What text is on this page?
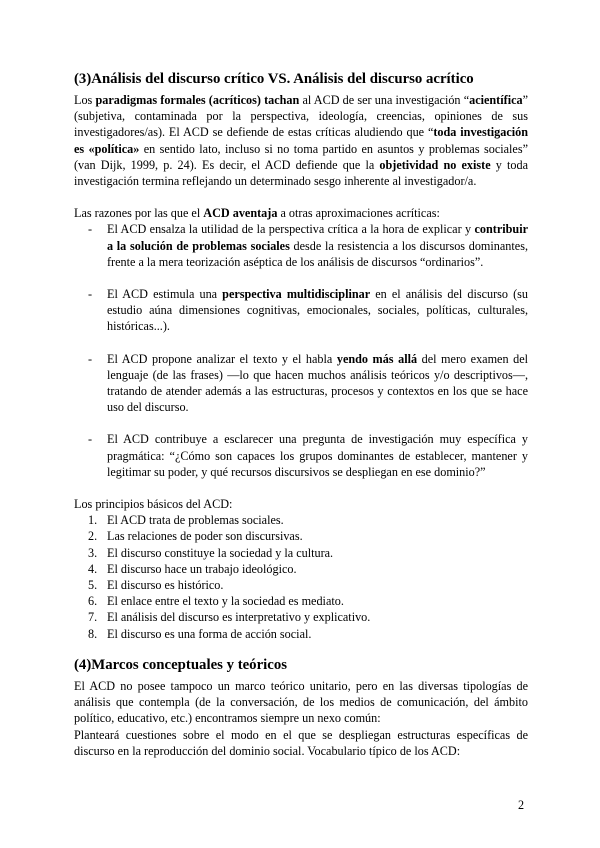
(3)Análisis del discurso crítico VS. Análisis del discurso acrítico

Los paradigmas formales (acríticos) tachan al ACD de ser una investigación “acientífica” (subjetiva, contaminada por la perspectiva, ideología, creencias, opiniones de sus investigadores/as). El ACD se defiende de estas críticas aludiendo que “toda investigación es «política» en sentido lato, incluso si no toma partido en asuntos y problemas sociales” (van Dijk, 1999, p. 24). Es decir, el ACD defiende que la objetividad no existe y toda investigación termina reflejando un determinado sesgo inherente al investigador/a.

Las razones por las que el ACD aventaja a otras aproximaciones acríticas:

- El ACD ensalza la utilidad de la perspectiva crítica a la hora de explicar y contribuir a la solución de problemas sociales desde la resistencia a los discursos dominantes, frente a la mera teorización aséptica de los análisis de discursos “ordinarios”.
- El ACD estimula una perspectiva multidisciplinar en el análisis del discurso (su estudio aúna dimensiones cognitivas, emocionales, sociales, políticas, culturales, históricas...).
- El ACD propone analizar el texto y el habla yendo más allá del mero examen del lenguaje (de las frases) —lo que hacen muchos análisis teóricos y/o descriptivos—, tratando de atender además a las estructuras, procesos y contextos en los que se hace uso del discurso.
- El ACD contribuye a esclarecer una pregunta de investigación muy específica y pragmática: “¿Cómo son capaces los grupos dominantes de establecer, mantener y legitimar su poder, y qué recursos discursivos se despliegan en ese dominio?”

Los principios básicos del ACD:

1. El ACD trata de problemas sociales.
2. Las relaciones de poder son discursivas.
3. El discurso constituye la sociedad y la cultura.
4. El discurso hace un trabajo ideológico.
5. El discurso es histórico.
6. El enlace entre el texto y la sociedad es mediato.
7. El análisis del discurso es interpretativo y explicativo.
8. El discurso es una forma de acción social.
(4)Marcos conceptuales y teóricos

El ACD no posee tampoco un marco teórico unitario, pero en las diversas tipologías de análisis que contempla (de la conversación, de los medios de comunicación, del ámbito político, educativo, etc.) encontramos siempre un nexo común:

Planteará cuestiones sobre el modo en el que se despliegan estructuras específicas de discurso en la reproducción del dominio social. Vocabulario típico de los ACD:

2
